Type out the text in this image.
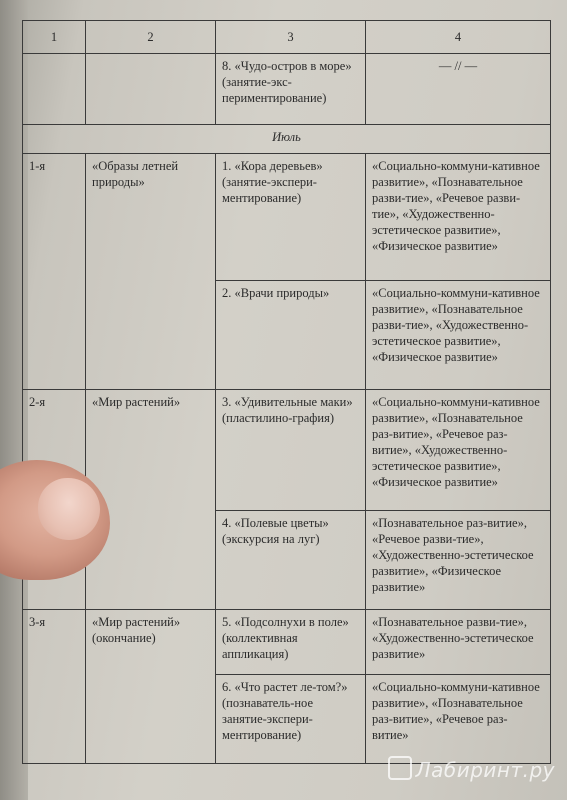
1	2	3	4
		8. «Чудо-остров в море» (занятие-экс-периментирование)	— // —
Июль			
1-я	«Образы летней природы»	1. «Кора деревьев» (занятие-экспери-ментирование)	«Социально-коммуни-кативное развитие», «Познавательное разви-тие», «Речевое разви-тие», «Художественно-эстетическое развитие», «Физическое развитие»
		2. «Врачи природы»	«Социально-коммуни-кативное развитие», «Познавательное разви-тие», «Художественно-эстетическое развитие», «Физическое развитие»
2-я	«Мир растений»	3. «Удивительные маки» (пластилино-графия)	«Социально-коммуни-кативное развитие», «Познавательное раз-витие», «Речевое раз-витие», «Художественно-эстетическое развитие», «Физическое развитие»
		4. «Полевые цветы» (экскурсия на луг)	«Познавательное раз-витие», «Речевое разви-тие», «Художественно-эстетическое развитие», «Физическое развитие»
3-я	«Мир растений» (окончание)	5. «Подсолнухи в поле» (коллективная аппликация)	«Познавательное разви-тие», «Художественно-эстетическое развитие»
		6. «Что растет ле-том?» (познаватель-ное занятие-экспери-ментирование)	«Социально-коммуни-кативное развитие», «Познавательное раз-витие», «Речевое раз-витие»
Лабиринт.ру
